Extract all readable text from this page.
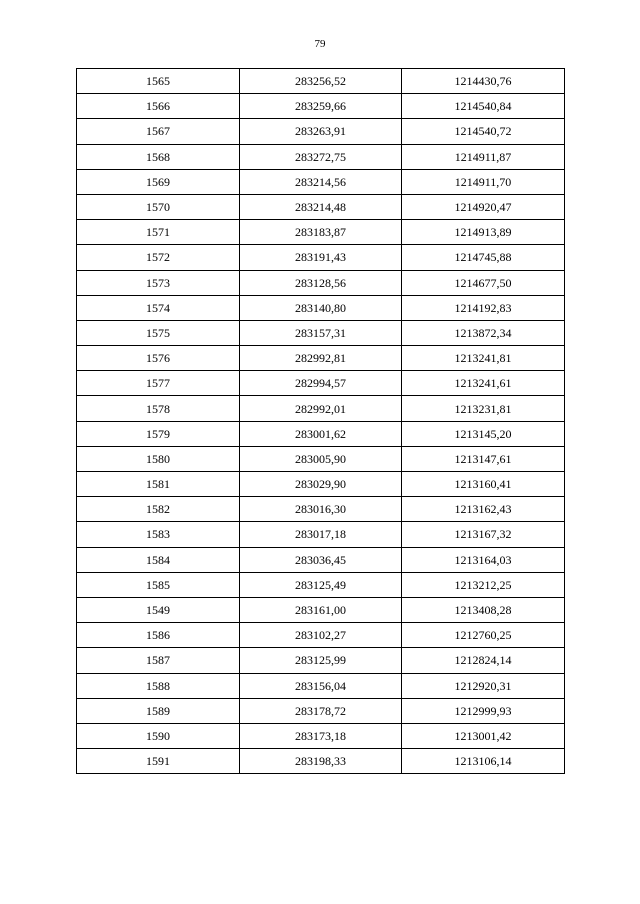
79
1565	283256,52	1214430,76
1566	283259,66	1214540,84
1567	283263,91	1214540,72
1568	283272,75	1214911,87
1569	283214,56	1214911,70
1570	283214,48	1214920,47
1571	283183,87	1214913,89
1572	283191,43	1214745,88
1573	283128,56	1214677,50
1574	283140,80	1214192,83
1575	283157,31	1213872,34
1576	282992,81	1213241,81
1577	282994,57	1213241,61
1578	282992,01	1213231,81
1579	283001,62	1213145,20
1580	283005,90	1213147,61
1581	283029,90	1213160,41
1582	283016,30	1213162,43
1583	283017,18	1213167,32
1584	283036,45	1213164,03
1585	283125,49	1213212,25
1549	283161,00	1213408,28
1586	283102,27	1212760,25
1587	283125,99	1212824,14
1588	283156,04	1212920,31
1589	283178,72	1212999,93
1590	283173,18	1213001,42
1591	283198,33	1213106,14
